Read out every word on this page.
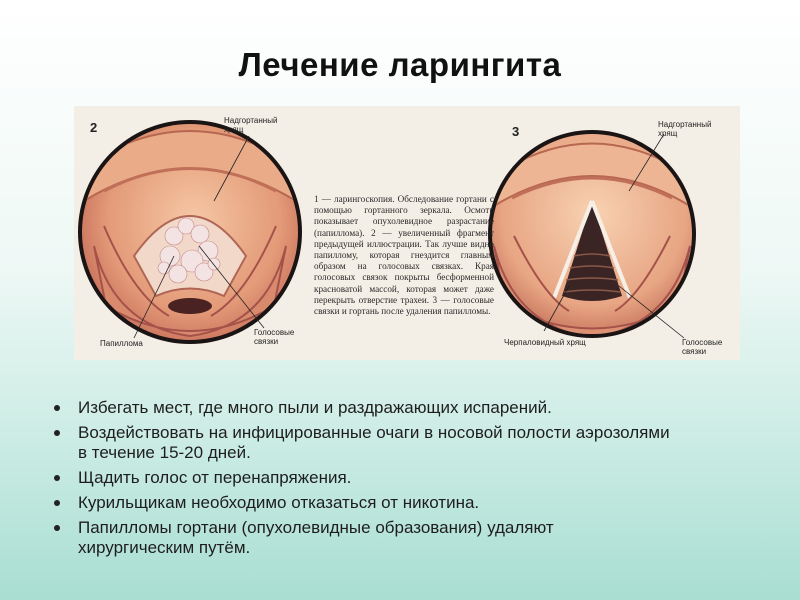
Лечение ларингита
2	3
Надгортанный хрящ
Папиллома
Голосовые связки
Надгортанный хрящ
Черпаловидный хрящ	Голосовые связки
1 — ларингоскопия. Обследование гортани с помощью гортанного зеркала. Осмотр показывает опухолевидное разрастание (папиллома). 2 — увеличенный фрагмент предыдущей иллюстрации. Так лучше видно папиллому, которая гнездится главным образом на голосовых связках. Края голосовых связок покрыты бесформенной красноватой массой, которая может даже перекрыть отверстие трахеи. 3 — голосовые связки и гортань после удаления папилломы.
Избегать мест, где много пыли и раздражающих испарений.
Воздействовать на инфицированные очаги в носовой полости аэрозолями в течение 15-20 дней.
Щадить голос от перенапряжения.
Курильщикам необходимо отказаться от никотина.
Папилломы гортани (опухолевидные образования) удаляют хирургическим путём.
